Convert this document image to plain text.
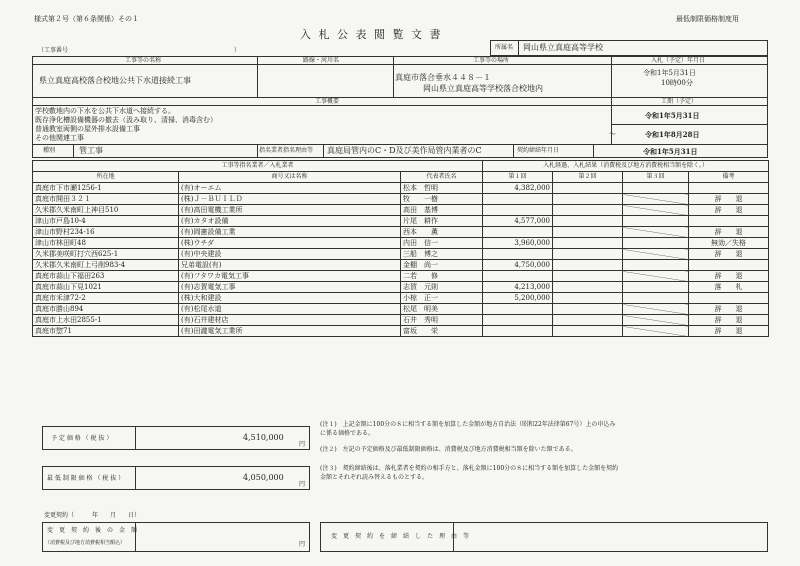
様式第２号（第６条関係）その１	最低制限価格制度用
入 札 公 表 閲 覧 文 書
所属名 岡山県立真庭高等学校
（工事番号	）
工事等の名称	路線・河川名	工事等の場所	入札（予定）年月日
県立真庭高校落合校地公共下水道接続工事	真庭市落合垂水４４８－１
岡山県立真庭高等学校落合校地内
令和1年5月31日
10時00分
工事概要	工期（予定）
学校敷地内の下水を公共下水道へ接続する。
既存浄化槽設備機器の撤去（汲み取り、清掃、消毒含む）
普通教室両側の屋外排水設備工事
その他関連工事
令和1年5月31日
～	令和1年8月28日
種別	管工事	指名業者指名理由等 真庭局管内のC・D及び美作局管内業者のC	契約締結年月日	令和1年5月31日
工事等指名業者／入札業者			入札経過、入札結果（消費税及び地方消費税相当額を除く。）			
所在地	商号又は名称	代表者氏名	第１回	第２回	第３回	備考
真庭市下市瀬1256-1	(有)オーエム	松本　哲明	4,382,000			
真庭市開田３２１	(株)Ｊ－ＢＵＩＬＤ	牧　　一樹				辞　　退
久米郡久米南町上神目510	(有)高田電機工業所	高田　基博				辞　　退
津山市戸島10-4	(有)カタオ設備	片尾　耕作	4,577,000			
津山市野村234-16	(有)岡憲設備工業	西本　　薫				辞　　退
津山市林田町48	(株)ウチダ	内田　信一	3,960,000			無効／失格
久米郡美咲町打穴西625-1	(有)中央建設	三船　博之				辞　　退
久米郡久米南町上弓削983-4	兄弟電設(有)	金棚　尚一	4,750,000			
真庭市蒜山下福田263	(有)フタワカ電気工事	二若　　修				辞　　退
真庭市蒜山下見1021	(有)志賀電気工事	志賀　元則	4,213,000			落　　札
真庭市禾津72-2	(株)大和建設	小椋　正一	5,200,000			
真庭市勝山894	(有)松尾水道	松尾　明美				辞　　退
真庭市上水田2855-1	(有)石井建材店	石井　秀明				辞　　退
真庭市惣71	(有)田瀧電気工業所	富坂　　栄				辞　　退
予 定 価 格 （ 税 抜 ）	4,510,000
円
最 低 制 限 価 格 （ 税 抜 ）	4,050,000
円
(注１)　上記金額に100分の８に相当する額を加算した金額が地方自治法（昭和22年法律第67号）上の申込みに係る価格である。
(注２)　左記の予定価格及び最低制限価格は、消費税及び地方消費税相当額を除いた額である。
(注３)　契約締結後は、落札業者を契約の相手方と、落札金額に100分の８に相当する額を加算した金額を契約金額とそれぞれ読み替えるものとする。
変更契約（　　　年　　月　　日）
変　更　契　約　後　の　金　額
（消費税及び地方消費税相当額込）	円
変　更　契　約　を　締　結　し　た　理　由　等
